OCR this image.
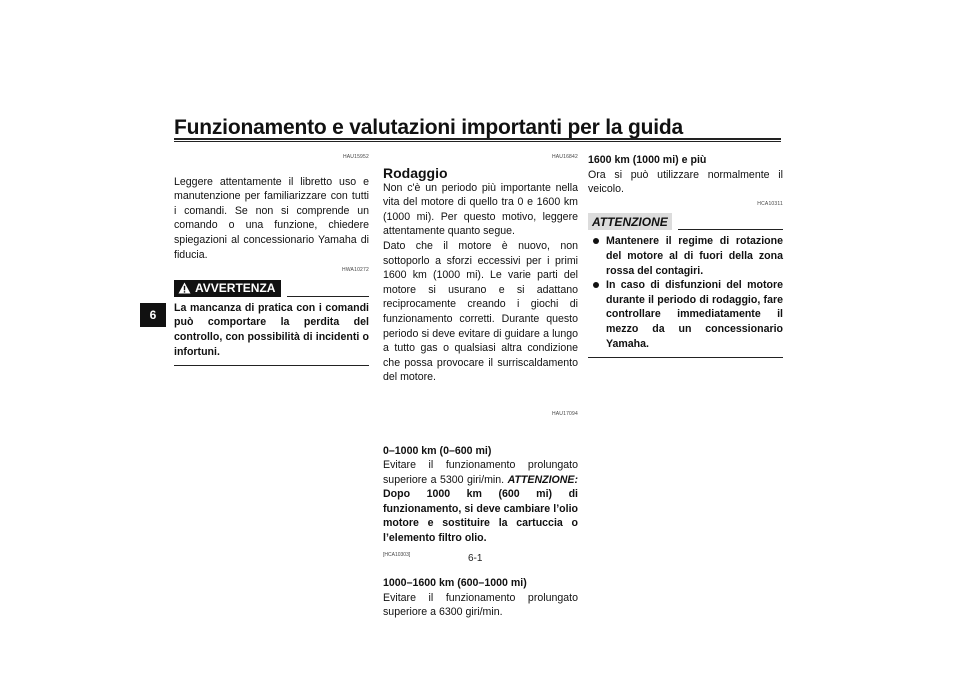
Funzionamento e valutazioni importanti per la guida
6
HAU15952

Leggere attentamente il libretto uso e manutenzione per familiarizzare con tutti i comandi. Se non si comprende un comando o una funzione, chiedere spiegazioni al concessionario Yamaha di fiducia.

HWA10272
AVVERTENZA

La mancanza di pratica con i comandi può comportare la perdita del controllo, con possibilità di incidenti o infortuni.

HAU16842
Rodaggio

Non c'è un periodo più importante nella vita del motore di quello tra 0 e 1600 km (1000 mi). Per questo motivo, leggere attentamente quanto segue.

Dato che il motore è nuovo, non sottoporlo a sforzi eccessivi per i primi 1600 km (1000 mi). Le varie parti del motore si usurano e si adattano reciprocamente creando i giochi di funzionamento corretti. Durante questo periodo si deve evitare di guidare a lungo a tutto gas o qualsiasi altra condizione che possa provocare il surriscaldamento del motore.

HAU17094

0–1000 km (0–600 mi)

Evitare il funzionamento prolungato superiore a 5300 giri/min. ATTENZIONE: Dopo 1000 km (600 mi) di funzionamento, si deve cambiare l’olio motore e sostituire la cartuccia o l’elemento filtro olio.

[HCA10303]

1000–1600 km (600–1000 mi)

Evitare il funzionamento prolungato superiore a 6300 giri/min.

1600 km (1000 mi) e più

Ora si può utilizzare normalmente il veicolo.

HCA10311
ATTENZIONE
Mantenere il regime di rotazione del motore al di fuori della zona rossa del contagiri.
In caso di disfunzioni del motore durante il periodo di rodaggio, fare controllare immediatamente il mezzo da un concessionario Yamaha.
6-1
